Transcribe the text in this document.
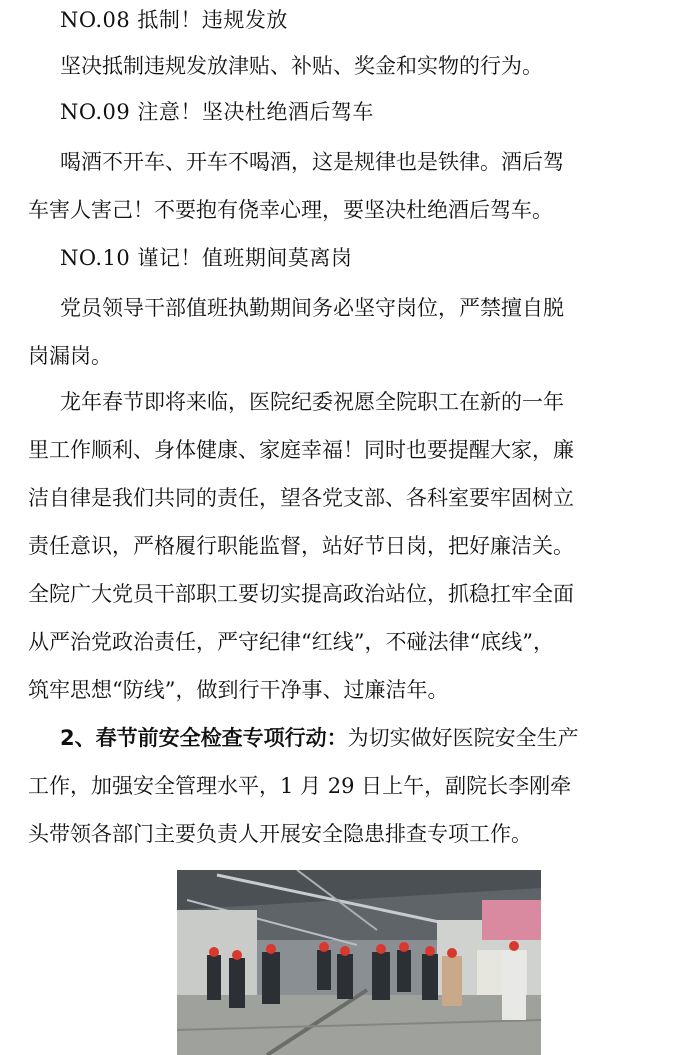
NO.08 抵制！违规发放

坚决抵制违规发放津贴、补贴、奖金和实物的行为。

NO.09 注意！坚决杜绝酒后驾车

喝酒不开车、开车不喝酒，这是规律也是铁律。酒后驾

车害人害己！不要抱有侥幸心理，要坚决杜绝酒后驾车。

NO.10 谨记！值班期间莫离岗

党员领导干部值班执勤期间务必坚守岗位，严禁擅自脱

岗漏岗。

龙年春节即将来临，医院纪委祝愿全院职工在新的一年

里工作顺利、身体健康、家庭幸福！同时也要提醒大家，廉

洁自律是我们共同的责任，望各党支部、各科室要牢固树立

责任意识，严格履行职能监督，站好节日岗，把好廉洁关。

全院广大党员干部职工要切实提高政治站位，抓稳扛牢全面

从严治党政治责任，严守纪律“红线”，不碰法律“底线”，

筑牢思想“防线”，做到行干净事、过廉洁年。

2、春节前安全检查专项行动：为切实做好医院安全生产

工作，加强安全管理水平，1 月 29 日上午，副院长李刚牵

头带领各部门主要负责人开展安全隐患排查专项工作。
